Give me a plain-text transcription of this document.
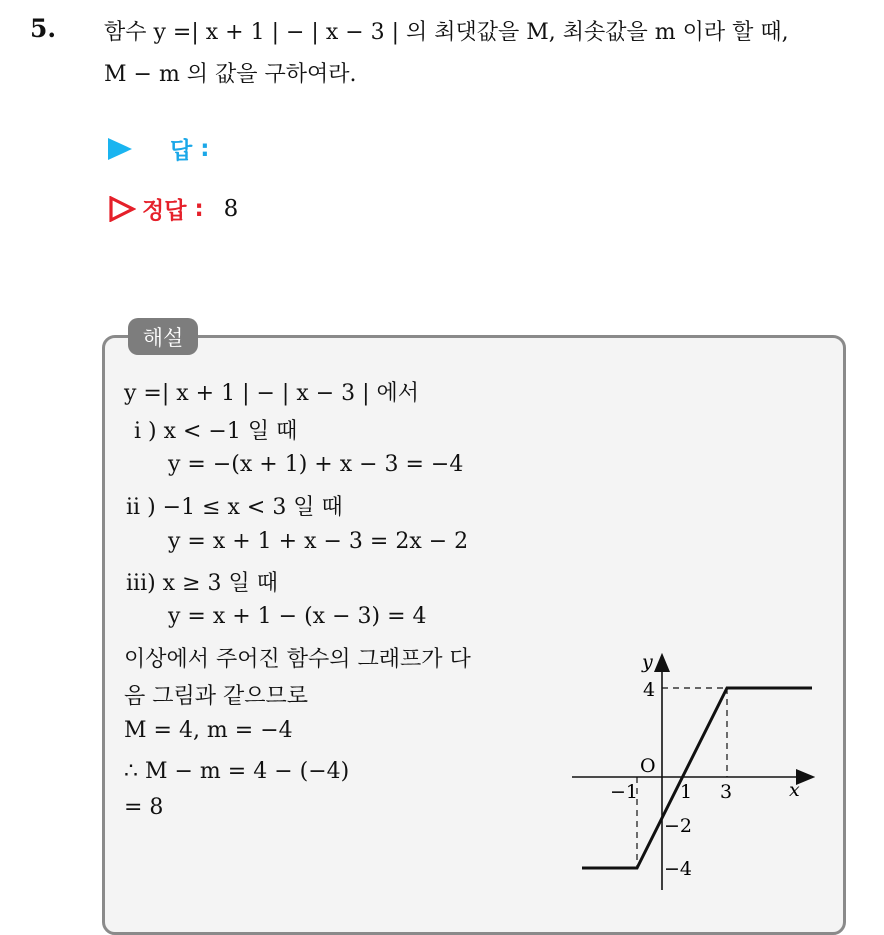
5. 함수 y =| x + 1 | − | x − 3 | 의 최댓값을 M, 최솟값을 m 이라 할 때,
M − m 의 값을 구하여라.
답 :
정답 : 8
해설
y =| x + 1 | − | x − 3 | 에서
i ) x < −1 일 때
y = −(x + 1) + x − 3 = −4
ii ) −1 ≤ x < 3 일 때
y = x + 1 + x − 3 = 2x − 2
iii) x ≥ 3 일 때
y = x + 1 − (x − 3) = 4
이상에서 주어진 함수의 그래프가 다
음 그림과 같으므로
M = 4, m = −4
∴ M − m = 4 − (−4)
= 8
y
x
O
−1 1 3
4
−2
−4
